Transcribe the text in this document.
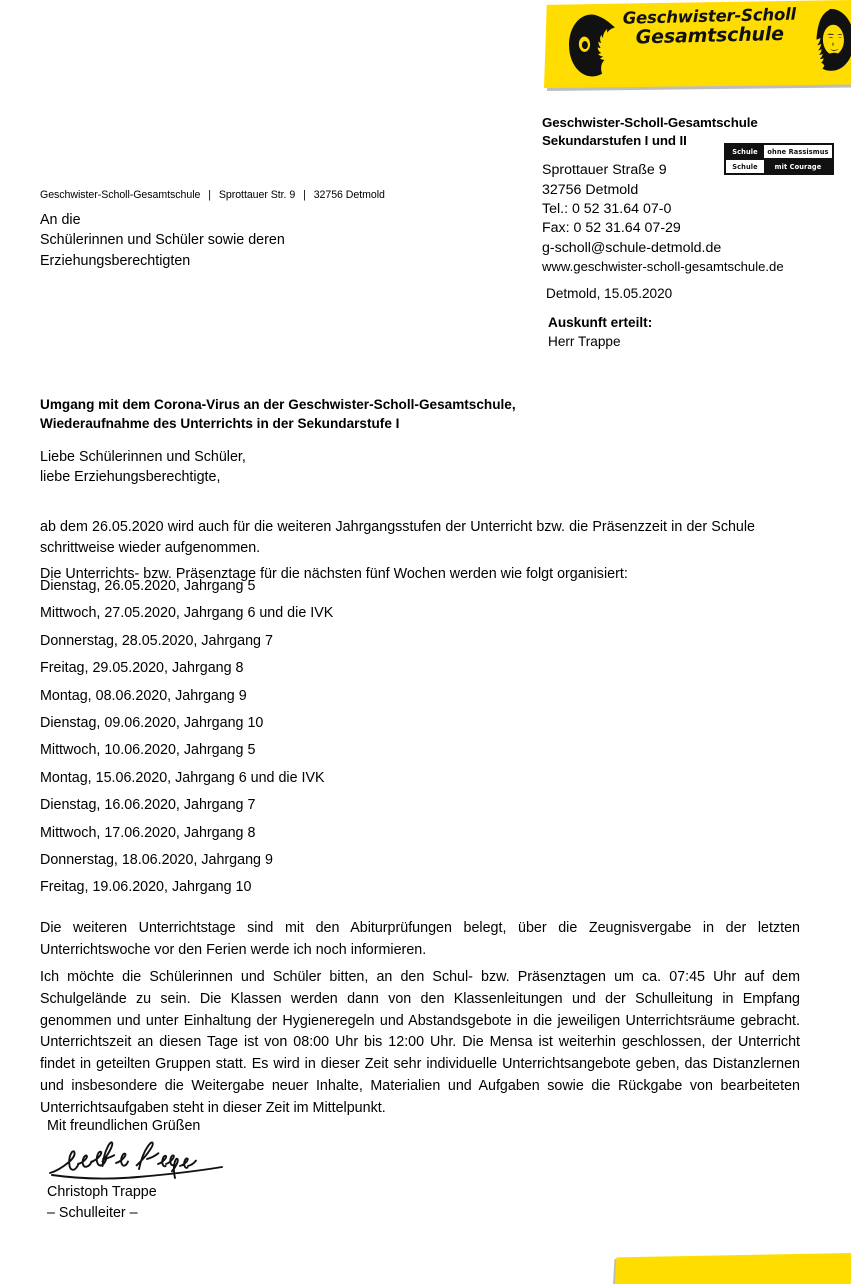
Geschwister-Scholl
Gesamtschule
Geschwister-Scholl-Gesamtschule Sekundarstufen I und II
Sprottauer Straße 9
32756 Detmold
Tel.: 0 52 31.64 07-0
Fax: 0 52 31.64 07-29
g-scholl@schule-detmold.de
www.geschwister-scholl-gesamtschule.de
Detmold, 15.05.2020
Auskunft erteilt:
Herr Trappe
Schule	ohne Rassismus
Schule	mit Courage
Geschwister-Scholl-Gesamtschule | Sprottauer Str. 9 | 32756 Detmold
An die
Schülerinnen und Schüler sowie deren
Erziehungsberechtigten
Umgang mit dem Corona-Virus an der Geschwister-Scholl-Gesamtschule,
Wiederaufnahme des Unterrichts in der Sekundarstufe I
Liebe Schülerinnen und Schüler,
liebe Erziehungsberechtigte,

ab dem 26.05.2020 wird auch für die weiteren Jahrgangsstufen der Unterricht bzw. die Präsenzzeit in der Schule schrittweise wieder aufgenommen.

Die Unterrichts- bzw. Präsenztage für die nächsten fünf Wochen werden wie folgt organisiert:

Dienstag, 26.05.2020, Jahrgang 5
Mittwoch, 27.05.2020, Jahrgang 6 und die IVK
Donnerstag, 28.05.2020, Jahrgang 7
Freitag, 29.05.2020, Jahrgang 8
Montag, 08.06.2020, Jahrgang 9
Dienstag, 09.06.2020, Jahrgang 10
Mittwoch, 10.06.2020, Jahrgang 5
Montag, 15.06.2020, Jahrgang 6 und die IVK
Dienstag, 16.06.2020, Jahrgang 7
Mittwoch, 17.06.2020, Jahrgang 8
Donnerstag, 18.06.2020, Jahrgang 9
Freitag, 19.06.2020, Jahrgang 10

Die weiteren Unterrichtstage sind mit den Abiturprüfungen belegt, über die Zeugnisvergabe in der letzten Unterrichtswoche vor den Ferien werde ich noch informieren.

Ich möchte die Schülerinnen und Schüler bitten, an den Schul- bzw. Präsenztagen um ca. 07:45 Uhr auf dem Schulgelände zu sein. Die Klassen werden dann von den Klassenleitungen und der Schulleitung in Empfang genommen und unter Einhaltung der Hygieneregeln und Abstandsgebote in die jeweiligen Unterrichtsräume gebracht. Unterrichtszeit an diesen Tage ist von 08:00 Uhr bis 12:00 Uhr. Die Mensa ist weiterhin geschlossen, der Unterricht findet in geteilten Gruppen statt. Es wird in dieser Zeit sehr individuelle Unterrichtsangebote geben, das Distanzlernen und insbesondere die Weitergabe neuer Inhalte, Materialien und Aufgaben sowie die Rückgabe von bearbeiteten Unterrichtsaufgaben steht in dieser Zeit im Mittelpunkt.

Mit freundlichen Grüßen
Christoph Trappe
– Schulleiter –
